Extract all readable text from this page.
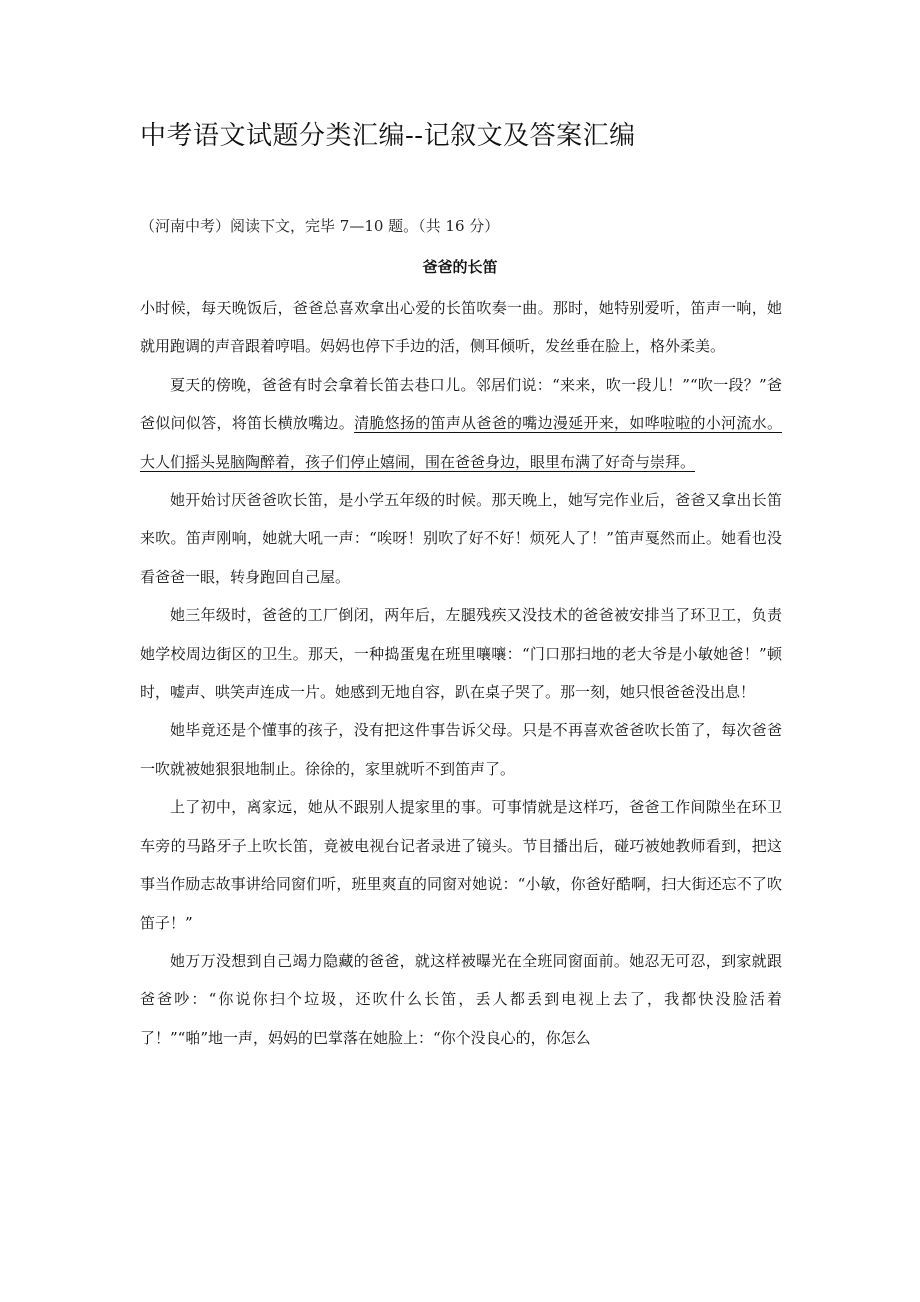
中考语文试题分类汇编--记叙文及答案汇编
（河南中考）阅读下文，完毕 7—10 题。（共 16 分）
爸爸的长笛

小时候，每天晚饭后，爸爸总喜欢拿出心爱的长笛吹奏一曲。那时，她特别爱听，笛声一响，她就用跑调的声音跟着哼唱。妈妈也停下手边的活，侧耳倾听，发丝垂在脸上，格外柔美。

夏天的傍晚，爸爸有时会拿着长笛去巷口儿。邻居们说：“来来，吹一段儿！”“吹一段？”爸爸似问似答，将笛长横放嘴边。清脆悠扬的笛声从爸爸的嘴边漫延开来，如哗啦啦的小河流水。大人们摇头晃脑陶醉着，孩子们停止嬉闹，围在爸爸身边，眼里布满了好奇与崇拜。

她开始讨厌爸爸吹长笛，是小学五年级的时候。那天晚上，她写完作业后，爸爸又拿出长笛来吹。笛声刚响，她就大吼一声：“唉呀！别吹了好不好！烦死人了！”笛声戛然而止。她看也没看爸爸一眼，转身跑回自己屋。

她三年级时，爸爸的工厂倒闭，两年后，左腿残疾又没技术的爸爸被安排当了环卫工，负责她学校周边街区的卫生。那天，一种捣蛋鬼在班里嚷嚷：“门口那扫地的老大爷是小敏她爸！”顿时，嘘声、哄笑声连成一片。她感到无地自容，趴在桌子哭了。那一刻，她只恨爸爸没出息！

她毕竟还是个懂事的孩子，没有把这件事告诉父母。只是不再喜欢爸爸吹长笛了，每次爸爸一吹就被她狠狠地制止。徐徐的，家里就听不到笛声了。

上了初中，离家远，她从不跟别人提家里的事。可事情就是这样巧，爸爸工作间隙坐在环卫车旁的马路牙子上吹长笛，竟被电视台记者录进了镜头。节目播出后，碰巧被她教师看到，把这事当作励志故事讲给同窗们听，班里爽直的同窗对她说：“小敏，你爸好酷啊，扫大街还忘不了吹笛子！”

她万万没想到自己竭力隐藏的爸爸，就这样被曝光在全班同窗面前。她忍无可忍，到家就跟爸爸吵：“你说你扫个垃圾，还吹什么长笛，丢人都丢到电视上去了，我都快没脸活着了！”“啪”地一声，妈妈的巴掌落在她脸上：“你个没良心的，你怎么
